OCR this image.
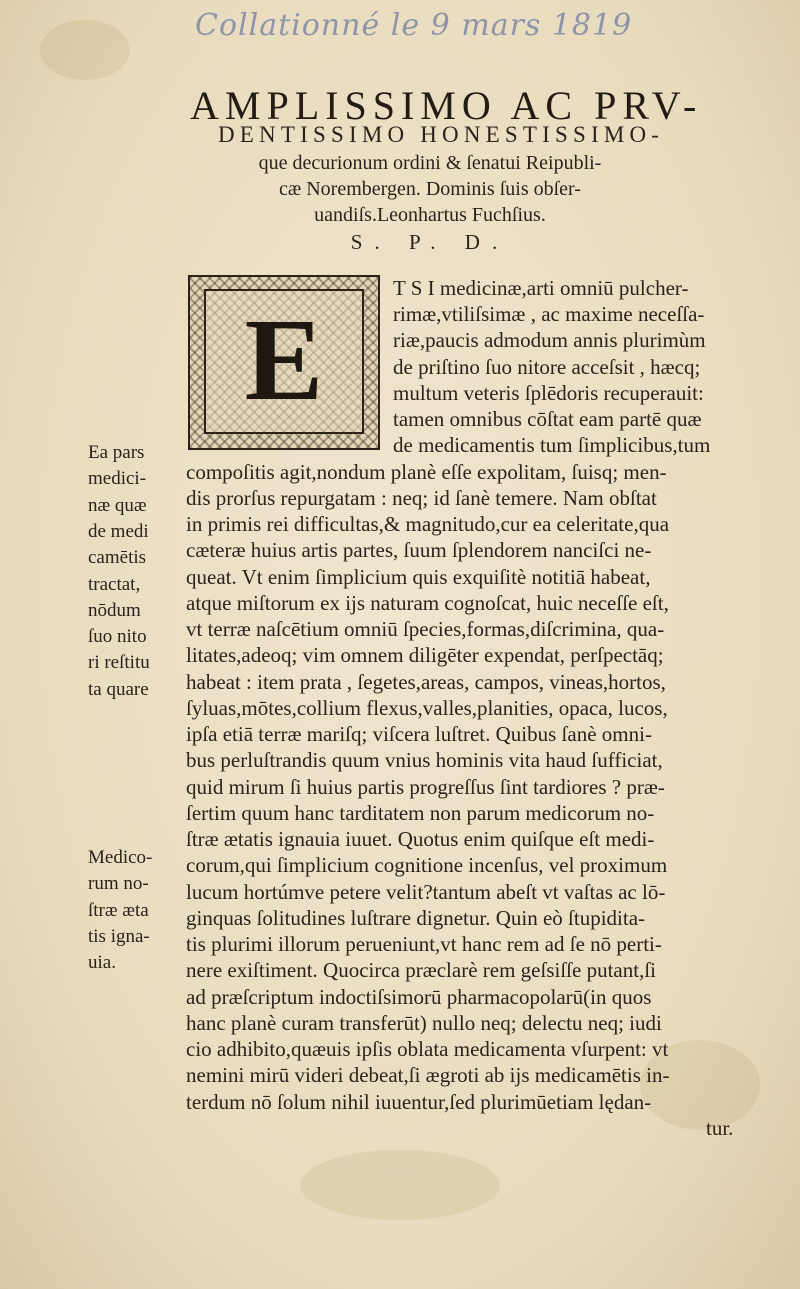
Collationné le 9 mars 1819
AMPLISSIMO AC PRV-
DENTISSIMO HONESTISSIMO-
que decurionum ordini & ſenatui Reipubli-
cæ Norembergen. Dominis ſuis obſer-
uandiſs.Leonhartus Fuchſius.
S. P. D.
E
T S I medicinæ,arti omniū pulcher-
rimæ,vtiliſsimæ , ac maxime neceſſa-
riæ,paucis admodum annis plurimùm
de priſtino ſuo nitore acceſsit , hæcq;
multum veteris ſplēdoris recuperauit:
tamen omnibus cōſtat eam partē quæ
de medicamentis tum ſimplicibus,tum
compoſitis agit,nondum planè eſſe expolitam, ſuisq; men-
dis prorſus repurgatam : neq; id ſanè temere. Nam obſtat
in primis rei difficultas,& magnitudo,cur ea celeritate,qua
cæteræ huius artis partes, ſuum ſplendorem nanciſci ne-
queat. Vt enim ſimplicium quis exquiſitè notitiā habeat,
atque miſtorum ex ijs naturam cognoſcat, huic neceſſe eſt,
vt terræ naſcētium omniū ſpecies,formas,diſcrimina, qua-
litates,adeoq; vim omnem diligēter expendat, perſpectāq;
habeat : item prata , ſegetes,areas, campos, vineas,hortos,
ſyluas,mōtes,collium flexus,valles,planities, opaca, lucos,
ipſa etiā terræ mariſq; viſcera luſtret. Quibus ſanè omni-
bus perluſtrandis quum vnius hominis vita haud ſufficiat,
quid mirum ſi huius partis progreſſus ſint tardiores ? præ-
ſertim quum hanc tarditatem non parum medicorum no-
ſtræ ætatis ignauia iuuet. Quotus enim quiſque eſt medi-
corum,qui ſimplicium cognitione incenſus, vel proximum
lucum hortúmve petere velit?tantum abeſt vt vaſtas ac lō-
ginquas ſolitudines luſtrare dignetur. Quin eò ſtupidita-
tis plurimi illorum perueniunt,vt hanc rem ad ſe nō perti-
nere exiſtiment. Quocirca præclarè rem geſsiſſe putant,ſi
ad præſcriptum indoctiſsimorū pharmacopolarū(in quos
hanc planè curam transferūt) nullo neq; delectu neq; iudi
cio adhibito,quæuis ipſis oblata medicamenta vſurpent: vt
nemini mirū videri debeat,ſi ægroti ab ijs medicamētis in-
terdum nō ſolum nihil iuuentur,ſed plurimūetiam lędan-
tur.
Ea pars
medici-
næ quæ
de medi
camētis
tractat,
nōdum
ſuo nito
ri reſtitu
ta quare
Medico-
rum no-
ſtræ æta
tis igna-
uia.
